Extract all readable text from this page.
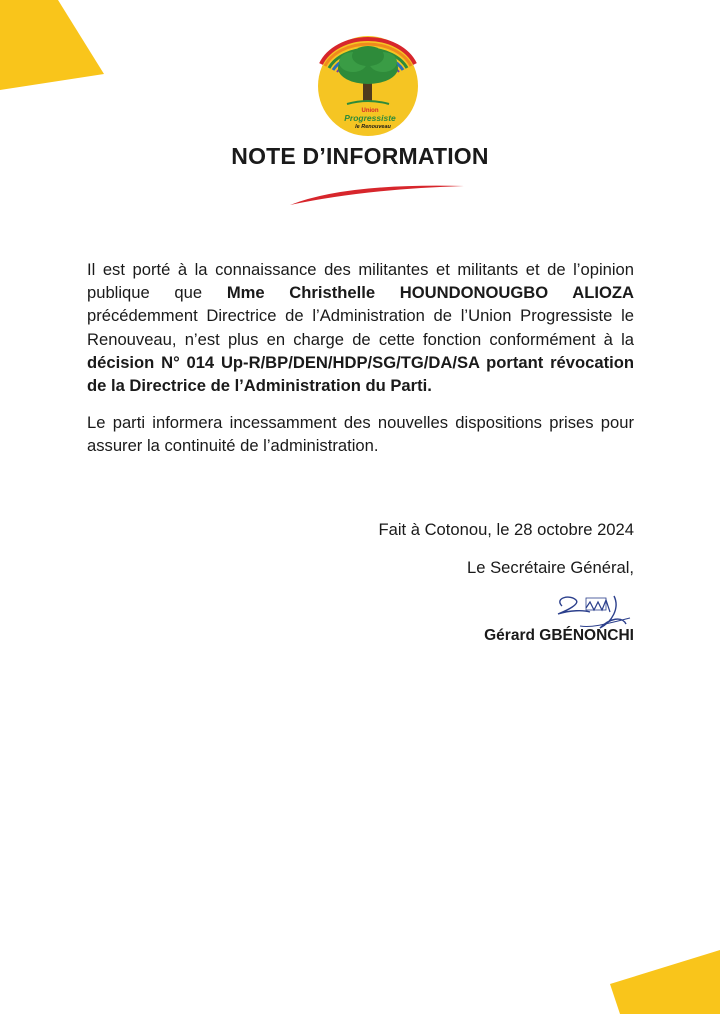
Union
Progressiste
le Renouveau
NOTE D’INFORMATION

Il est porté à la connaissance des militantes et militants et de l’opinion publique que Mme Christhelle HOUNDONOUGBO ALIOZA précédemment Directrice de l’Administration de l’Union Progressiste le Renouveau, n’est plus en charge de cette fonction conformément à la décision N° 014 Up-R/BP/DEN/HDP/SG/TG/DA/SA portant révocation de la Directrice de l’Administration du Parti.

Le parti informera incessamment des nouvelles dispositions prises pour assurer la continuité de l’administration.

Fait à Cotonou, le 28 octobre 2024
Le Secrétaire Général,
Gérard GBÉNONCHI
